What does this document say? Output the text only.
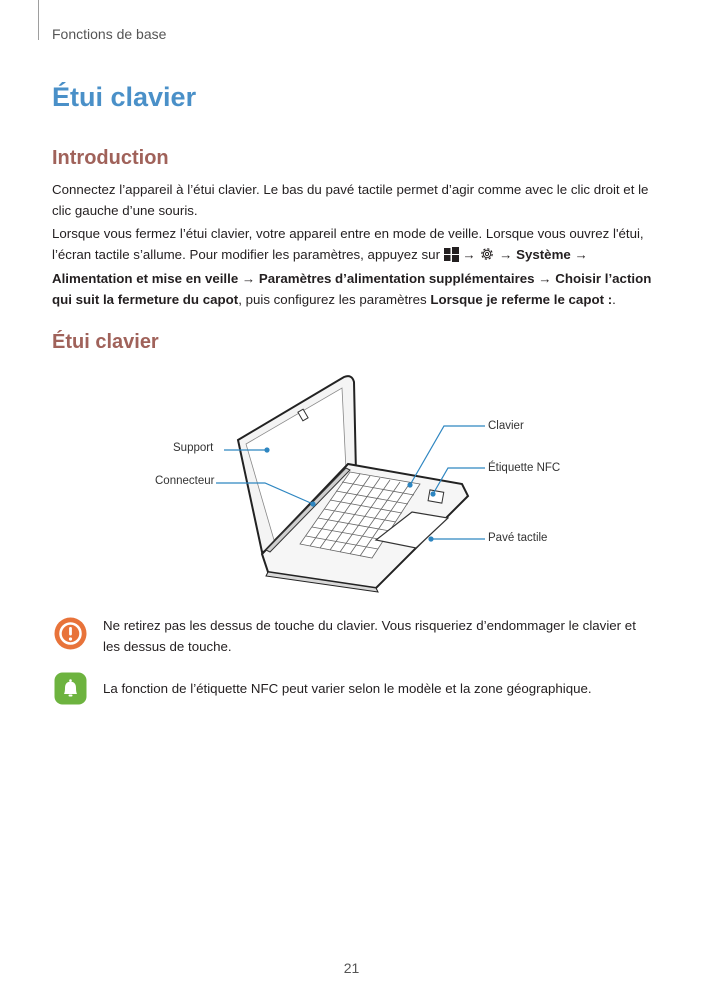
Fonctions de base
Étui clavier
Introduction

Connectez l’appareil à l’étui clavier. Le bas du pavé tactile permet d’agir comme avec le clic droit et le clic gauche d’une souris.

Lorsque vous fermez l’étui clavier, votre appareil entre en mode de veille. Lorsque vous ouvrez l'étui, l’écran tactile s’allume. Pour modifier les paramètres, appuyez sur  → → Système → Alimentation et mise en veille → Paramètres d’alimentation supplémentaires → Choisir l’action qui suit la fermeture du capot, puis configurez les paramètres Lorsque je referme le capot :.

Étui clavier
Support
Connecteur
Clavier
Étiquette NFC
Pavé tactile

Ne retirez pas les dessus de touche du clavier. Vous risqueriez d’endommager le clavier et les dessus de touche.

La fonction de l’étiquette NFC peut varier selon le modèle et la zone géographique.

21
